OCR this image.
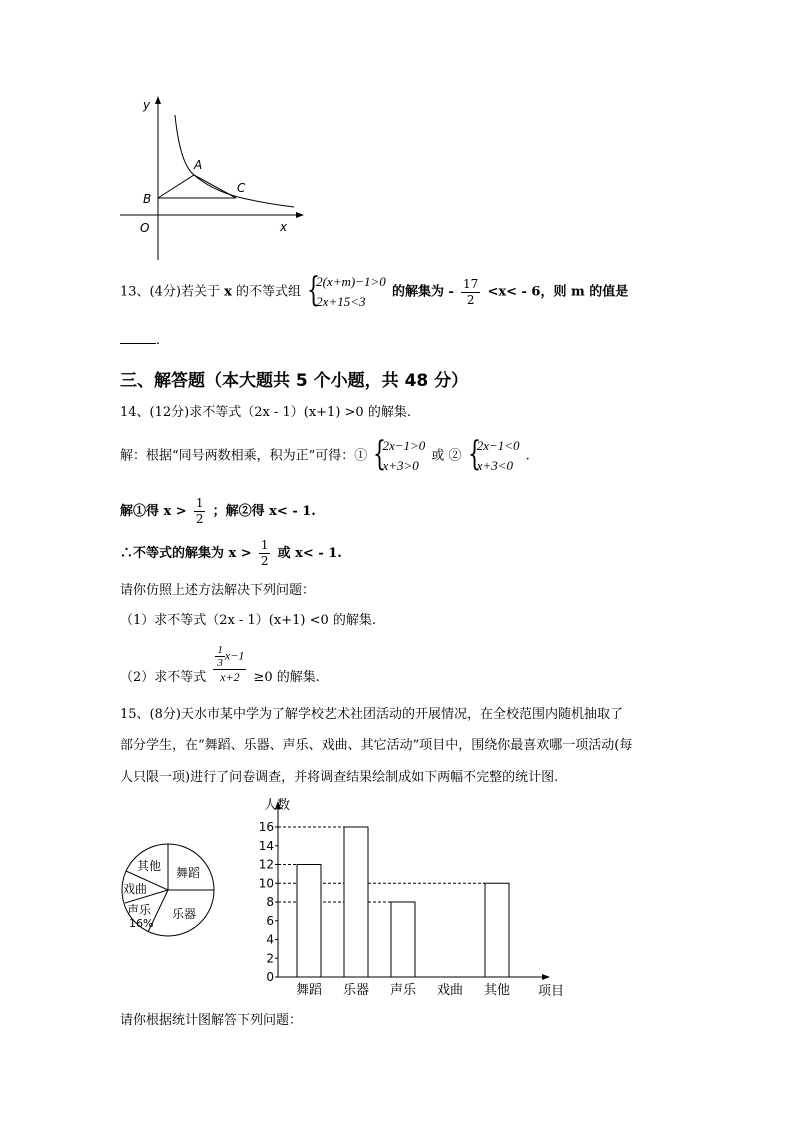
y
x
O
A
B
C
13、(4分)若关于 x 的不等式组 {
2(x+m)−1>0
2x+15<3
的解集为 - $\frac{17}{2} <x< - 6$，则 m 的值是
.
三、解答题（本大题共 5 个小题，共 48 分）
14、(12分)求不等式（2x - 1）(x+1) >0 的解集.
解：根据“同号两数相乘，积为正”可得：① {
2x−1>0
x+3>0
或 ② {
2x−1<0
x+3<0
.
解①得 $x > \frac{1}{2}$ ；解②得 x< - 1.
∴不等式的解集为 $x > \frac{1}{2}$ 或 x< - 1.
请你仿照上述方法解决下列问题：
（1）求不等式（2x - 1）(x+1) <0 的解集.
（2）求不等式 $\frac{\frac{1}{3} x-1}{x+2} \ge 0$ 的解集.
15、(8分)天水市某中学为了解学校艺术社团活动的开展情况，在全校范围内随机抽取了
部分学生，在“舞蹈、乐器、声乐、戏曲、其它活动”项目中，围绕你最喜欢哪一项活动(每
人只限一项)进行了问卷调查，并将调查结果绘制成如下两幅不完整的统计图.
其他 舞蹈
戏曲
声乐
16%
乐器
人数
项目
0
2
4
6
8
10
12
14
16
舞蹈 乐器 声乐 戏曲 其他
请你根据统计图解答下列问题：
